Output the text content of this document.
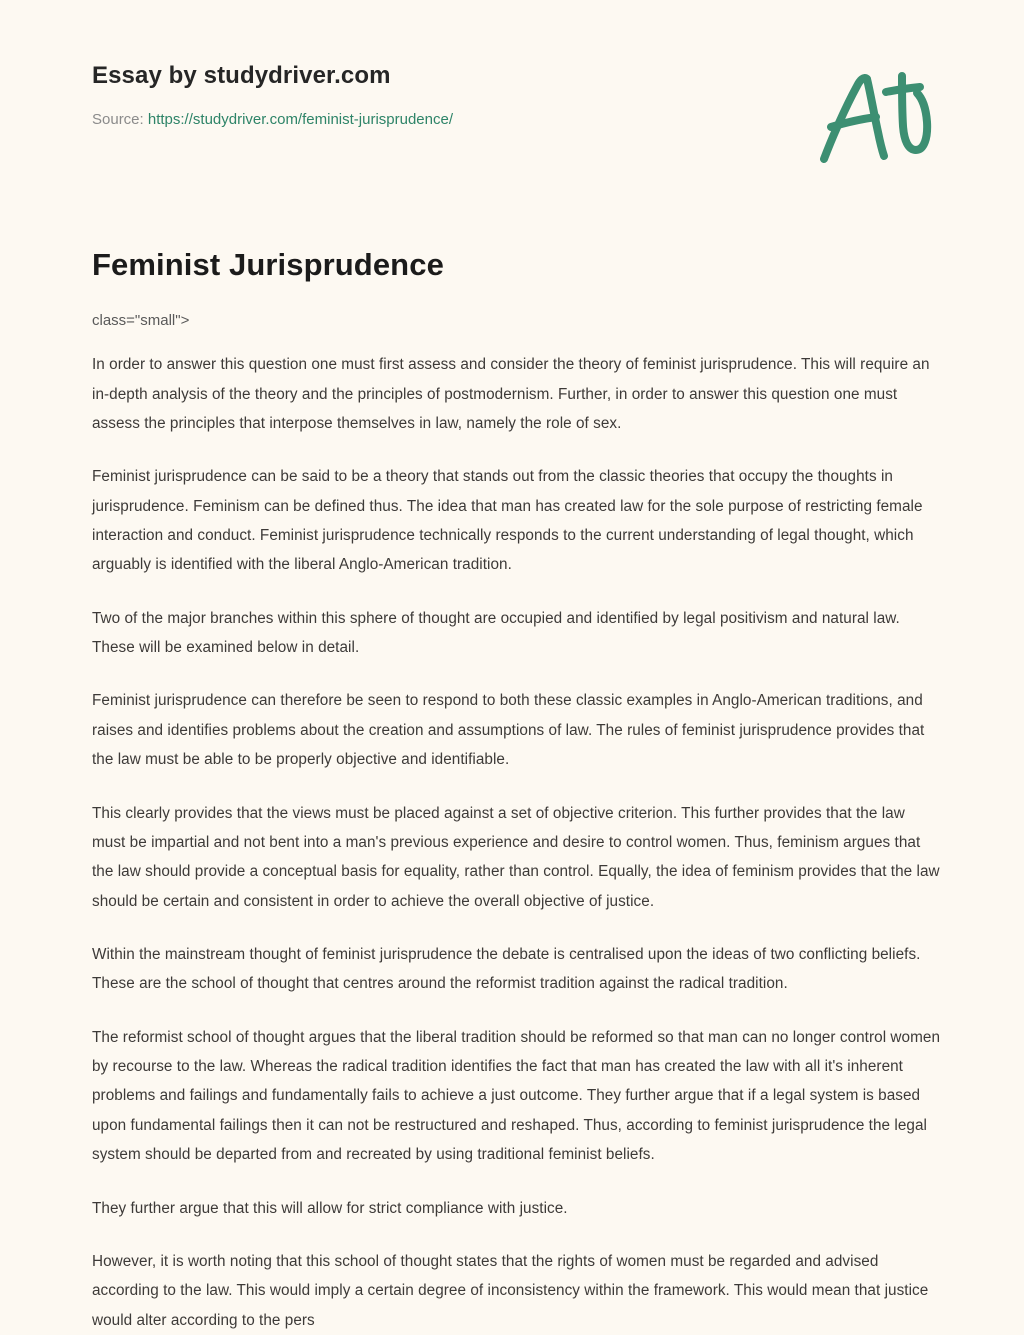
Essay by studydriver.com
Source: https://studydriver.com/feminist-jurisprudence/
Feminist Jurisprudence
class="small">

In order to answer this question one must first assess and consider the theory of feminist jurisprudence. This will require an in-depth analysis of the theory and the principles of postmodernism. Further, in order to answer this question one must assess the principles that interpose themselves in law, namely the role of sex.

Feminist jurisprudence can be said to be a theory that stands out from the classic theories that occupy the thoughts in jurisprudence. Feminism can be defined thus. The idea that man has created law for the sole purpose of restricting female interaction and conduct. Feminist jurisprudence technically responds to the current understanding of legal thought, which arguably is identified with the liberal Anglo-American tradition.

Two of the major branches within this sphere of thought are occupied and identified by legal positivism and natural law. These will be examined below in detail.

Feminist jurisprudence can therefore be seen to respond to both these classic examples in Anglo-American traditions, and raises and identifies problems about the creation and assumptions of law. The rules of feminist jurisprudence provides that the law must be able to be properly objective and identifiable.

This clearly provides that the views must be placed against a set of objective criterion. This further provides that the law must be impartial and not bent into a man's previous experience and desire to control women. Thus, feminism argues that the law should provide a conceptual basis for equality, rather than control. Equally, the idea of feminism provides that the law should be certain and consistent in order to achieve the overall objective of justice.

Within the mainstream thought of feminist jurisprudence the debate is centralised upon the ideas of two conflicting beliefs. These are the school of thought that centres around the reformist tradition against the radical tradition.

The reformist school of thought argues that the liberal tradition should be reformed so that man can no longer control women by recourse to the law. Whereas the radical tradition identifies the fact that man has created the law with all it's inherent problems and failings and fundamentally fails to achieve a just outcome. They further argue that if a legal system is based upon fundamental failings then it can not be restructured and reshaped. Thus, according to feminist jurisprudence the legal system should be departed from and recreated by using traditional feminist beliefs.

They further argue that this will allow for strict compliance with justice.

However, it is worth noting that this school of thought states that the rights of women must be regarded and advised according to the law. This would imply a certain degree of inconsistency within the framework. This would mean that justice would alter according to the pers
